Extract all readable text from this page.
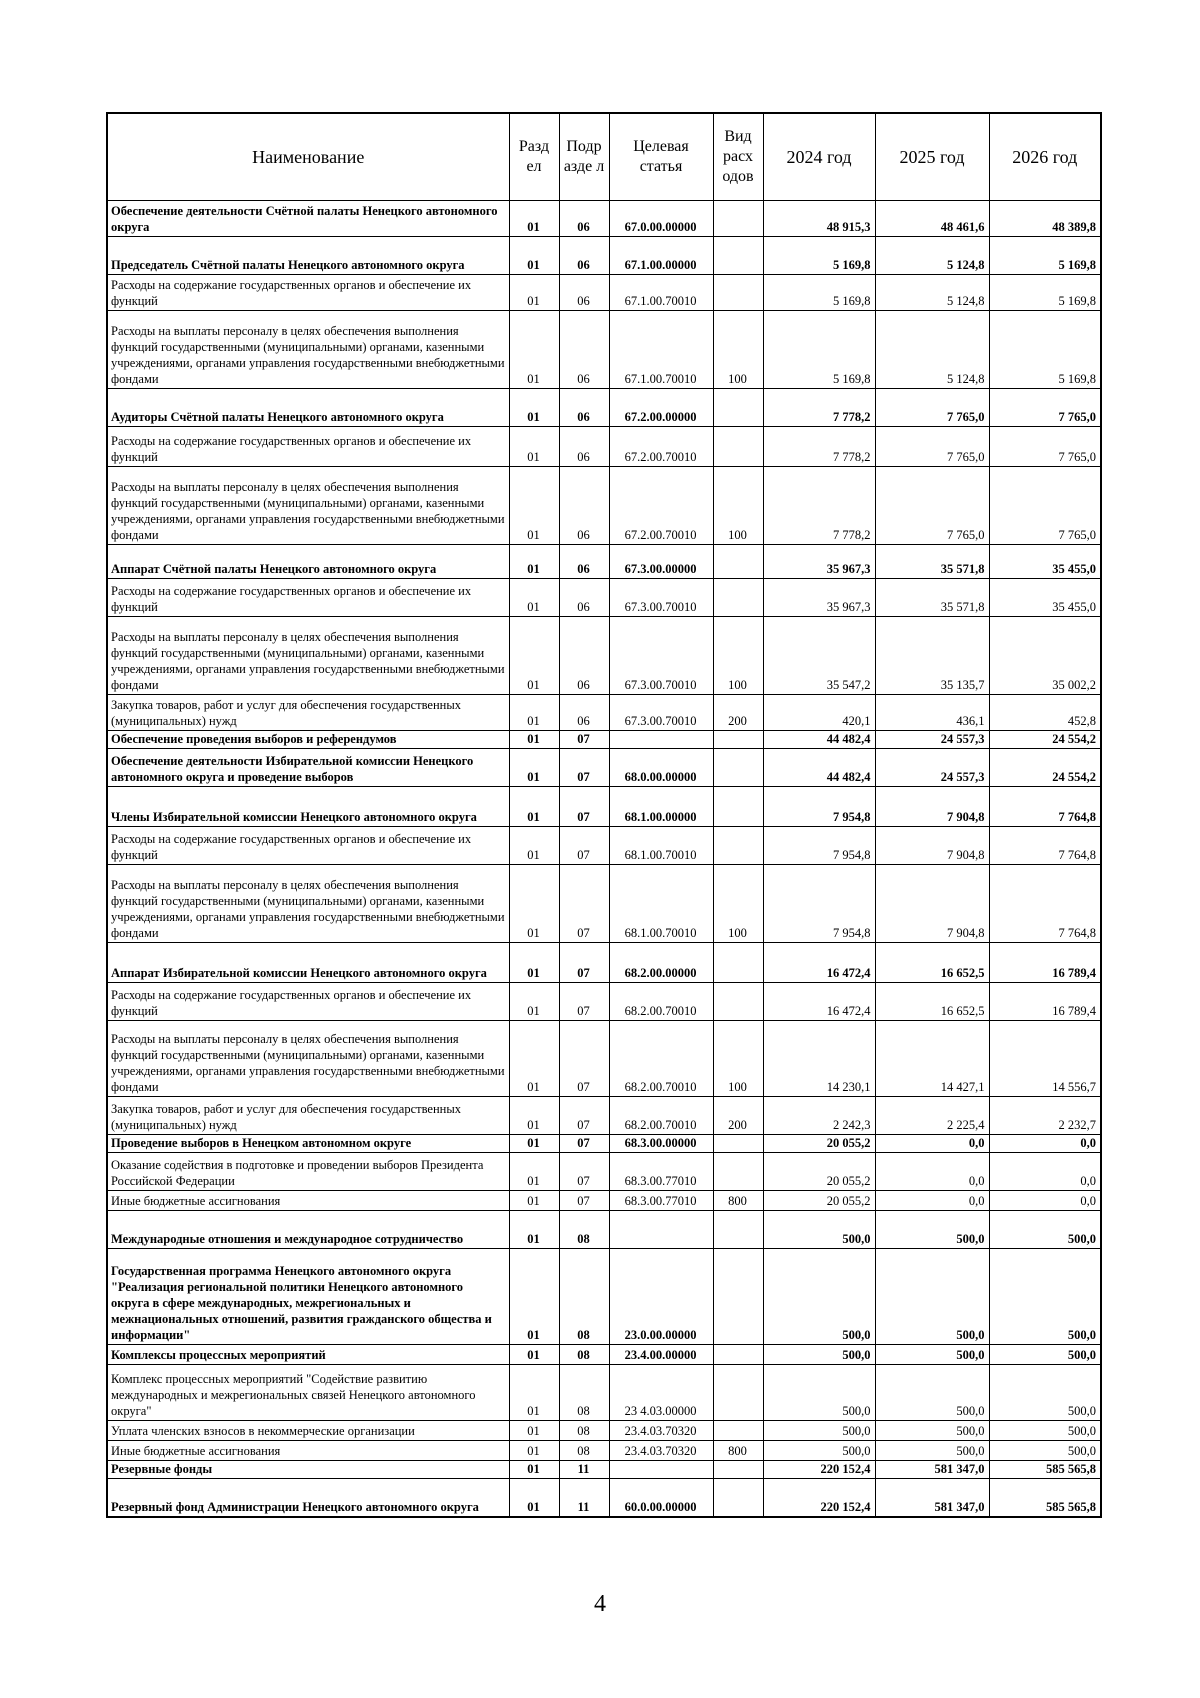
Наименование	Разд ел	Подр азде л	Целевая статья	Вид расх одов	2024 год	2025 год	2026 год
Обеспечение деятельности Счётной палаты Ненецкого автономного округа	01	06	67.0.00.00000		48 915,3	48 461,6	48 389,8
Председатель Счётной палаты Ненецкого автономного округа	01	06	67.1.00.00000		5 169,8	5 124,8	5 169,8
Расходы на содержание государственных органов и обеспечение их функций	01	06	67.1.00.70010		5 169,8	5 124,8	5 169,8
Расходы на выплаты персоналу в целях обеспечения выполнения функций государственными (муниципальными) органами, казенными учреждениями, органами управления государственными внебюджетными фондами	01	06	67.1.00.70010	100	5 169,8	5 124,8	5 169,8
Аудиторы Счётной палаты Ненецкого автономного округа	01	06	67.2.00.00000		7 778,2	7 765,0	7 765,0
Расходы на содержание государственных органов и обеспечение их функций	01	06	67.2.00.70010		7 778,2	7 765,0	7 765,0
Расходы на выплаты персоналу в целях обеспечения выполнения функций государственными (муниципальными) органами, казенными учреждениями, органами управления государственными внебюджетными фондами	01	06	67.2.00.70010	100	7 778,2	7 765,0	7 765,0
Аппарат Счётной палаты Ненецкого автономного округа	01	06	67.3.00.00000		35 967,3	35 571,8	35 455,0
Расходы на содержание государственных органов и обеспечение их функций	01	06	67.3.00.70010		35 967,3	35 571,8	35 455,0
Расходы на выплаты персоналу в целях обеспечения выполнения функций государственными (муниципальными) органами, казенными учреждениями, органами управления государственными внебюджетными фондами	01	06	67.3.00.70010	100	35 547,2	35 135,7	35 002,2
Закупка товаров, работ и услуг для обеспечения государственных (муниципальных) нужд	01	06	67.3.00.70010	200	420,1	436,1	452,8
Обеспечение проведения выборов и референдумов	01	07			44 482,4	24 557,3	24 554,2
Обеспечение деятельности Избирательной комиссии Ненецкого автономного округа и проведение выборов	01	07	68.0.00.00000		44 482,4	24 557,3	24 554,2
Члены Избирательной комиссии Ненецкого автономного округа	01	07	68.1.00.00000		7 954,8	7 904,8	7 764,8
Расходы на содержание государственных органов и обеспечение их функций	01	07	68.1.00.70010		7 954,8	7 904,8	7 764,8
Расходы на выплаты персоналу в целях обеспечения выполнения функций государственными (муниципальными) органами, казенными учреждениями, органами управления государственными внебюджетными фондами	01	07	68.1.00.70010	100	7 954,8	7 904,8	7 764,8
Аппарат Избирательной комиссии Ненецкого автономного округа	01	07	68.2.00.00000		16 472,4	16 652,5	16 789,4
Расходы на содержание государственных органов и обеспечение их функций	01	07	68.2.00.70010		16 472,4	16 652,5	16 789,4
Расходы на выплаты персоналу в целях обеспечения выполнения функций государственными (муниципальными) органами, казенными учреждениями, органами управления государственными внебюджетными фондами	01	07	68.2.00.70010	100	14 230,1	14 427,1	14 556,7
Закупка товаров, работ и услуг для обеспечения государственных (муниципальных) нужд	01	07	68.2.00.70010	200	2 242,3	2 225,4	2 232,7
Проведение выборов в Ненецком автономном округе	01	07	68.3.00.00000		20 055,2	0,0	0,0
Оказание содействия в подготовке и проведении выборов Президента Российской Федерации	01	07	68.3.00.77010		20 055,2	0,0	0,0
Иные бюджетные ассигнования	01	07	68.3.00.77010	800	20 055,2	0,0	0,0
Международные отношения и международное сотрудничество	01	08			500,0	500,0	500,0
Государственная программа Ненецкого автономного округа "Реализация региональной политики Ненецкого автономного округа в сфере международных, межрегиональных и межнациональных отношений, развития гражданского общества и информации"	01	08	23.0.00.00000		500,0	500,0	500,0
Комплексы процессных мероприятий	01	08	23.4.00.00000		500,0	500,0	500,0
Комплекс процессных мероприятий "Содействие развитию международных и межрегиональных связей Ненецкого автономного округа"	01	08	23 4.03.00000		500,0	500,0	500,0
Уплата членских взносов в некоммерческие организации	01	08	23.4.03.70320		500,0	500,0	500,0
Иные бюджетные ассигнования	01	08	23.4.03.70320	800	500,0	500,0	500,0
Резервные фонды	01	11			220 152,4	581 347,0	585 565,8
Резервный фонд Администрации Ненецкого автономного округа	01	11	60.0.00.00000		220 152,4	581 347,0	585 565,8
4
